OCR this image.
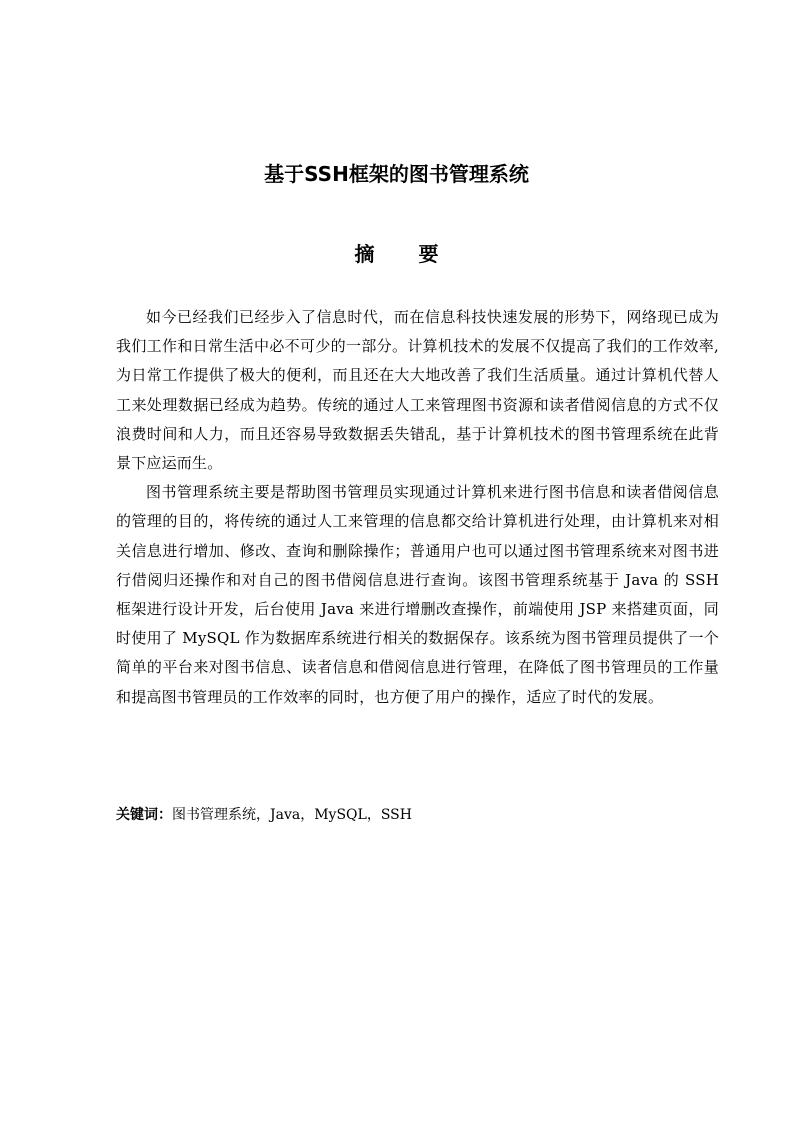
基于SSH框架的图书管理系统
摘要

如今已经我们已经步入了信息时代，而在信息科技快速发展的形势下，网络现已成为我们工作和日常生活中必不可少的一部分。计算机技术的发展不仅提高了我们的工作效率,为日常工作提供了极大的便利，而且还在大大地改善了我们生活质量。通过计算机代替人工来处理数据已经成为趋势。传统的通过人工来管理图书资源和读者借阅信息的方式不仅浪费时间和人力，而且还容易导致数据丢失错乱，基于计算机技术的图书管理系统在此背景下应运而生。

图书管理系统主要是帮助图书管理员实现通过计算机来进行图书信息和读者借阅信息的管理的目的，将传统的通过人工来管理的信息都交给计算机进行处理，由计算机来对相关信息进行增加、修改、查询和删除操作；普通用户也可以通过图书管理系统来对图书进行借阅归还操作和对自己的图书借阅信息进行查询。该图书管理系统基于 Java 的 SSH 框架进行设计开发，后台使用 Java 来进行增删改查操作，前端使用 JSP 来搭建页面，同时使用了 MySQL 作为数据库系统进行相关的数据保存。该系统为图书管理员提供了一个简单的平台来对图书信息、读者信息和借阅信息进行管理，在降低了图书管理员的工作量和提高图书管理员的工作效率的同时，也方便了用户的操作，适应了时代的发展。

关键词：图书管理系统，Java，MySQL，SSH
